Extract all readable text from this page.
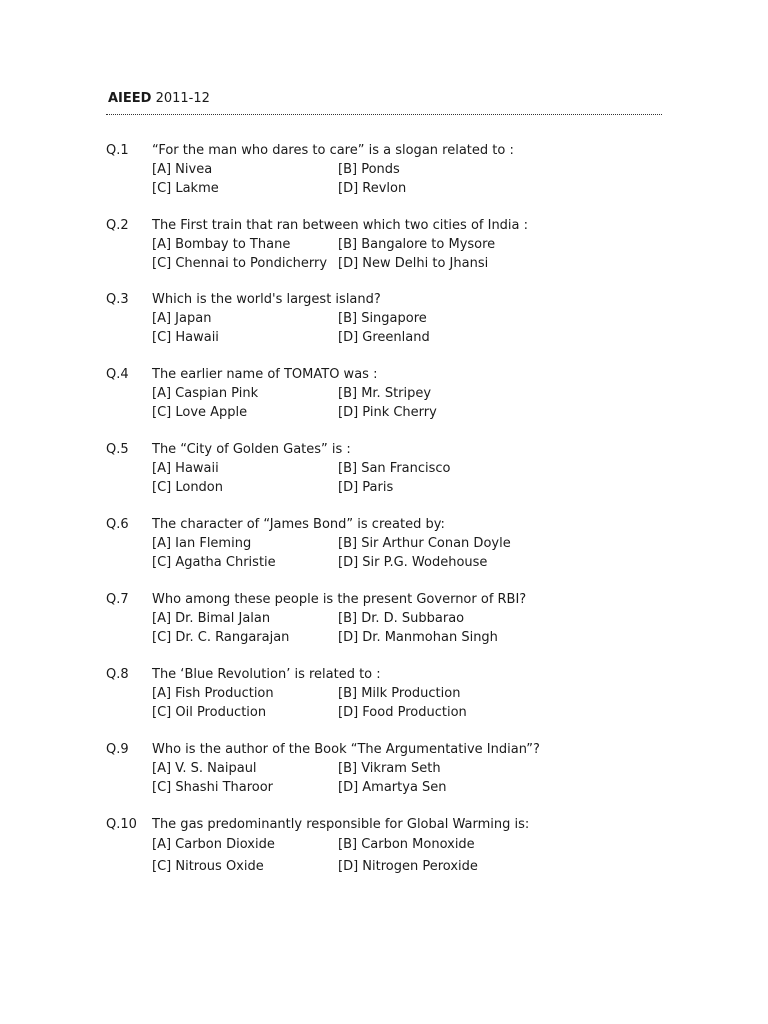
AIEED 2011-12
Q.1 “For the man who dares to care” is a slogan related to :
[A] Nivea	[B] Ponds
[C] Lakme	[D] Revlon
Q.2 The First train that ran between which two cities of India :
[A] Bombay to Thane	[B] Bangalore to Mysore
[C] Chennai to Pondicherry [D] New Delhi to Jhansi
Q.3 Which is the world's largest island?
[A] Japan	[B] Singapore
[C] Hawaii	[D] Greenland
Q.4 The earlier name of TOMATO was :
[A] Caspian Pink	[B] Mr. Stripey
[C] Love Apple	[D] Pink Cherry
Q.5 The “City of Golden Gates” is :
[A] Hawaii	[B] San Francisco
[C] London	[D] Paris
Q.6 The character of “James Bond” is created by:
[A] Ian Fleming	[B] Sir Arthur Conan Doyle
[C] Agatha Christie	[D] Sir P.G. Wodehouse
Q.7 Who among these people is the present Governor of RBI?
[A] Dr. Bimal Jalan	[B] Dr. D. Subbarao
[C] Dr. C. Rangarajan	[D] Dr. Manmohan Singh
Q.8 The ‘Blue Revolution’ is related to :
[A] Fish Production	[B] Milk Production
[C] Oil Production	[D] Food Production
Q.9 Who is the author of the Book “The Argumentative Indian”?
[A] V. S. Naipaul	[B] Vikram Seth
[C] Shashi Tharoor	[D] Amartya Sen
Q.10 The gas predominantly responsible for Global Warming is:
[A] Carbon Dioxide	[B] Carbon Monoxide
[C] Nitrous Oxide	[D] Nitrogen Peroxide
